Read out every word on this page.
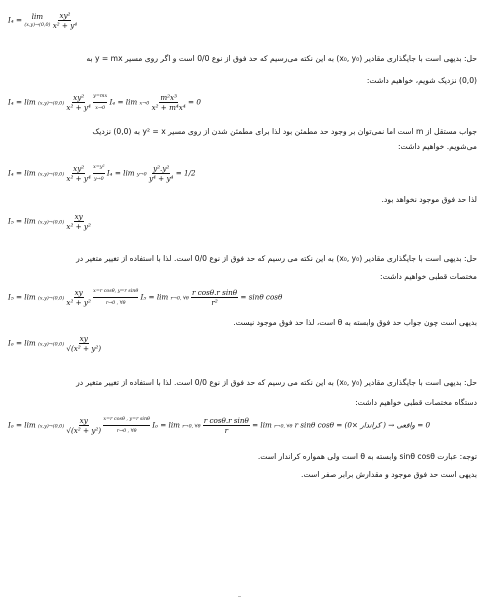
I₄ = lim
(x,y)→(0,0)
$\frac{\text{xy²}}{\text{x² + y⁴}}$
حل: بدیهی است با جایگذاری مقادیر (x₀, y₀) به این نکته می‌رسیم که حد فوق از نوع 0/0 است و اگر روی مسیر y = mx به
(0,0) نزدیک شویم، خواهیم داشت:
$I_4 = \lim (x,y)\to(0,0) \frac{\text{xy²}}{\text{x² + y⁴}}$
$\frac{y=mx}{x\to 0} I_4 = \lim x\to 0 \frac{\text{m²x³}}{\text{x² + m⁴x⁴}} = 0$
جواب مستقل از m است اما نمی‌توان بر وجود حد مطمئن بود لذا برای مطمئن شدن از روی مسیر y² = x به (0,0) نزدیک
می‌شویم. خواهیم داشت:
$I_4 = \lim (x,y)\to(0,0) \frac{\text{xy²}}{\text{x² + y⁴}}$
$\frac{\text{x=y²}}{y\to 0} I_4 = \lim y\to 0 \frac{\text{y².y²}}{\text{y⁴ + y⁴}} = 1/2$
لذا حد فوق موجود نخواهد بود.
$I_5 = \lim (x,y)\to(0,0) \frac{xy}{\text{x² + y²}}$
حل: بدیهی است با جایگذاری مقادیر (x₀, y₀) به این نکته می رسیم که حد فوق از نوع 0/0 است. لذا با استفاده از تغییر متغیر در
مختصات قطبی خواهیم داشت:
$I_5 = \lim (x,y)\to(0,0) \frac{xy}{\text{x² + y²}}$
$\frac{\text{x=r cosθ, y=r sinθ}}{r\to 0 , \forall\theta} I_5 = \lim r\to 0$, ∀θ $\frac{\text{r cosθ.r sinθ}}{\text{r²}} = \sin\theta$ cosθ
بدیهی است چون جواب حد فوق وابسته به θ است، لذا حد فوق موجود نیست.
$I_6 = \lim (x,y)\to(0,0) \frac{xy}{\text{√(x² + y²)}}$
حل: بدیهی است با جایگذاری مقادیر (x₀, y₀) به این نکته می رسیم که حد فوق از نوع 0/0 است. لذا با استفاده از تغییر متغیر در
دستگاه مختصات قطبی خواهیم داشت:
$I_6 = \lim (x,y)\to(0,0) \frac{xy}{\text{√(x² + y²)}}$
$\frac{\text{x=r cosθ , y=r sinθ}}{r\to 0 , \forall\theta} I_6 = \lim r\to 0$, ∀θ $\frac{\text{r cosθ.r sinθ}}{r} = \lim r\to 0$, ∀θ r sinθ cosθ = (0× کراندار ) → 0 = واقعی
توجه: عبارت sinθ cosθ وابسته به θ است ولی همواره کراندار است.
بدیهی است حد فوق موجود و مقدارش برابر صفر است.
